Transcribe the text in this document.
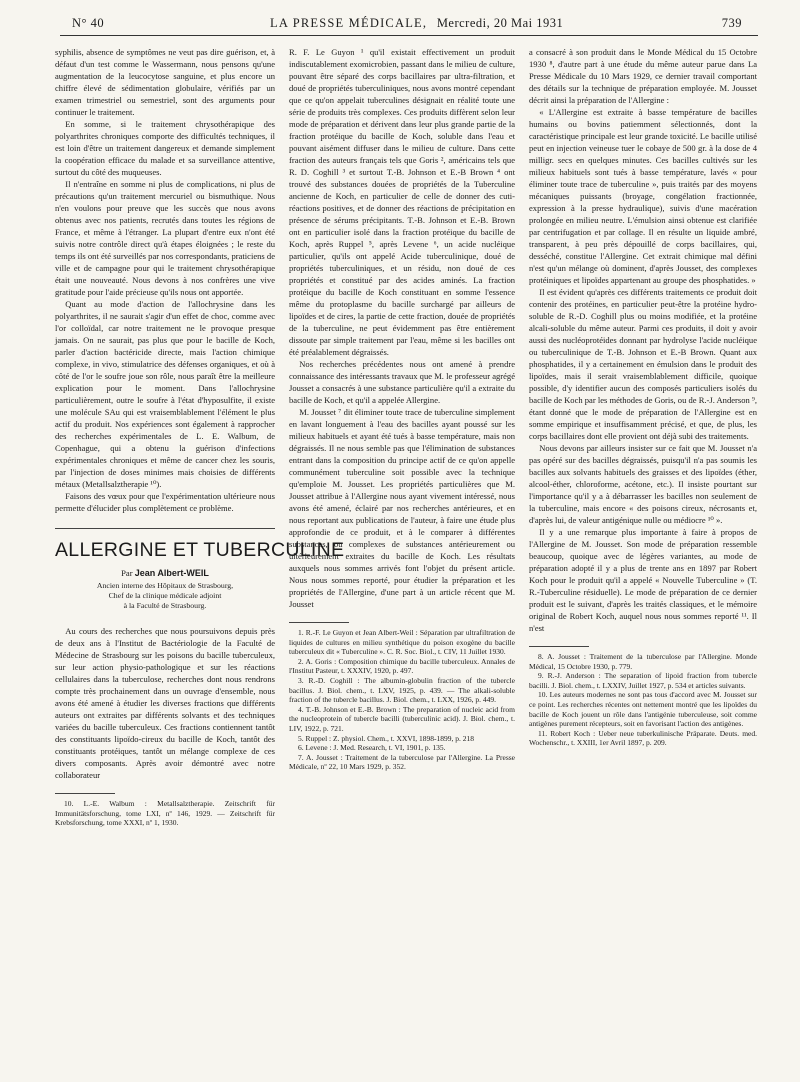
N° 40	LA PRESSE MÉDICALE, Mercredi, 20 Mai 1931	739

syphilis, absence de symptômes ne veut pas dire guérison, et, à défaut d'un test comme le Wassermann, nous pensons qu'une augmentation de la leucocytose sanguine, et plus encore un chiffre élevé de sédimentation globulaire, vérifiés par un examen trimestriel ou semestriel, sont des arguments pour continuer le traitement.

En somme, si le traitement chrysothérapique des polyarthrites chroniques comporte des difficultés techniques, il est loin d'être un traitement dangereux et demande simplement la coopération efficace du malade et sa surveillance attentive, surtout du côté des muqueuses.

Il n'entraîne en somme ni plus de complications, ni plus de précautions qu'un traitement mercuriel ou bismuthique. Nous n'en voulons pour preuve que les succès que nous avons obtenus avec nos patients, recrutés dans toutes les régions de France, et même à l'étranger. La plupart d'entre eux n'ont été suivis notre contrôle direct qu'à étapes éloignées ; le reste du temps ils ont été surveillés par nos correspondants, praticiens de ville et de campagne pour qui le traitement chrysothérapique était une nouveauté. Nous devons à nos confrères une vive gratitude pour l'aide précieuse qu'ils nous ont apportée.

Quant au mode d'action de l'allochrysine dans les polyarthrites, il ne saurait s'agir d'un effet de choc, comme avec l'or colloïdal, car notre traitement ne le provoque presque jamais. On ne saurait, pas plus que pour le bacille de Koch, parler d'action bactéricide directe, mais l'action chimique complexe, in vivo, stimulatrice des défenses organiques, et où à côté de l'or le soufre joue son rôle, nous paraît être la meilleure explication pour le moment. Dans l'allochrysine particulièrement, outre le soufre à l'état d'hyposulfite, il existe une molécule SAu qui est vraisemblablement l'élément le plus actif du produit. Nos expériences sont également à rapprocher des recherches expérimentales de L. E. Walbum, de Copenhague, qui a obtenu la guérison d'infections expérimentales chroniques et même de cancer chez les souris, par l'injection de doses minimes mais choisies de différents métaux (Metallsalztherapie ¹⁰).

Faisons des vœux pour que l'expérimentation ultérieure nous permette d'élucider plus complètement ce problème.

ALLERGINE ET TUBERCULINE
Par Jean Albert-WEIL
Ancien interne des Hôpitaux de Strasbourg,
Chef de la clinique médicale adjoint
à la Faculté de Strasbourg.

Au cours des recherches que nous poursuivons depuis près de deux ans à l'Institut de Bactériologie de la Faculté de Médecine de Strasbourg sur les poisons du bacille tuberculeux, sur leur action physio-pathologique et sur les réactions cellulaires dans la tuberculose, recherches dont nous rendrons compte très prochainement dans un ouvrage d'ensemble, nous avons été amené à étudier les diverses fractions que différents auteurs ont extraites par différents solvants et des techniques variées du bacille tuberculeux. Ces fractions contiennent tantôt des constituants lipoïdo-cireux du bacille de Koch, tantôt des constituants protéiques, tantôt un mélange complexe de ces divers composants. Après avoir démontré avec notre collaborateur

10. L.-E. Walbum : Metallsalztherapie. Zeitschrift für Immunitätsforschung, tome LXI, nº 146, 1929. — Zeitschrift für Krebsforschung, tome XXXI, nº 1, 1930.

R. F. Le Guyon ¹ qu'il existait effectivement un produit indiscutablement exomicrobien, passant dans le milieu de culture, pouvant être séparé des corps bacillaires par ultra-filtration, et doué de propriétés tuberculiniques, nous avons montré cependant que ce qu'on appelait tuberculines désignait en réalité toute une série de produits très complexes. Ces produits diffèrent selon leur mode de préparation et dérivent dans leur plus grande partie de la fraction protéique du bacille de Koch, soluble dans l'eau et pouvant aisément diffuser dans le milieu de culture. Dans cette fraction des auteurs français tels que Goris ², américains tels que R. D. Coghill ³ et surtout T.-B. Johnson et E.-B Brown ⁴ ont trouvé des substances douées de propriétés de la Tuberculine ancienne de Koch, en particulier de celle de donner des cuti-réactions positives, et de donner des réactions de précipitation en présence de sérums précipitants. T.-B. Johnson et E.-B. Brown ont en particulier isolé dans la fraction protéique du bacille de Koch, après Ruppel ⁵, après Levene ⁶, un acide nucléique particulier, qu'ils ont appelé Acide tuberculinique, doué de propriétés tuberculiniques, et un résidu, non doué de ces propriétés et constitué par des acides aminés. La fraction protéique du bacille de Koch constituant en somme l'essence même du protoplasme du bacille surchargé par ailleurs de lipoïdes et de cires, la partie de cette fraction, douée de propriétés de la tuberculine, ne peut évidemment pas être entièrement dissoute par simple traitement par l'eau, même si les bacilles ont été préalablement dégraissés.

Nos recherches précédentes nous ont amené à prendre connaissance des intéressants travaux que M. le professeur agrégé Jousset a consacrés à une substance particulière qu'il a extraite du bacille de Koch, et qu'il a appelée Allergine.

M. Jousset ⁷ dit éliminer toute trace de tuberculine simplement en lavant longuement à l'eau des bacilles ayant poussé sur les milieux habituels et ayant été tués à basse température, mais non dégraissés. Il ne nous semble pas que l'élimination de substances entrant dans la composition du principe actif de ce qu'on appelle communément tuberculine soit possible avec la technique qu'emploie M. Jousset. Les propriétés particulières que M. Jousset attribue à l'Allergine nous ayant vivement intéressé, nous avons été amené, éclairé par nos recherches antérieures, et en nous reportant aux publications de l'auteur, à faire une étude plus approfondie de ce produit, et à le comparer à différentes substances, ou complexes de substances antérieurement ou ultérieurement extraites du bacille de Koch. Les résultats auxquels nous sommes arrivés font l'objet du présent article. Nous nous sommes reporté, pour étudier la préparation et les propriétés de l'Allergine, d'une part à un article récent que M. Jousset

1. R.-F. Le Guyon et Jean Albert-Weil : Séparation par ultrafiltration de liquides de cultures en milieu synthétique du poison exogène du bacille tuberculeux dit « Tuberculine ». C. R. Soc. Biol., t. CIV, 11 Juillet 1930.

2. A. Goris : Composition chimique du bacille tuberculeux. Annales de l'Institut Pasteur, t. XXXIV, 1920, p. 497.

3. R.-D. Coghill : The albumin-globulin fraction of the tubercle bacillus. J. Biol. chem., t. LXV, 1925, p. 439. — The alkali-soluble fraction of the tubercle bacillus. J. Biol. chem., t. LXX, 1926, p. 449.

4. T.-B. Johnson et E.-B. Brown : The preparation of nucleic acid from the nucleoprotein of tubercle bacilli (tuberculinic acid). J. Biol. chem., t. LIV, 1922, p. 721.

5. Ruppel : Z. physiol. Chem., t. XXVI, 1898-1899, p. 218

6. Levene : J. Med. Research, t. VI, 1901, p. 135.

7. A. Jousset : Traitement de la tuberculose par l'Allergine. La Presse Médicale, nº 22, 10 Mars 1929, p. 352.

a consacré à son produit dans le Monde Médical du 15 Octobre 1930 ⁸, d'autre part à une étude du même auteur parue dans La Presse Médicale du 10 Mars 1929, ce dernier travail comportant des détails sur la technique de préparation employée. M. Jousset décrit ainsi la préparation de l'Allergine :

« L'Allergine est extraite à basse température de bacilles humains ou bovins patiemment sélectionnés, dont la caractéristique principale est leur grande toxicité. Le bacille utilisé peut en injection veineuse tuer le cobaye de 500 gr. à la dose de 4 milligr. secs en quelques minutes. Ces bacilles cultivés sur les milieux habituels sont tués à basse température, lavés « pour éliminer toute trace de tuberculine », puis traités par des moyens mécaniques puissants (broyage, congélation fractionnée, expression à la presse hydraulique), suivis d'une macération prolongée en milieu neutre. L'émulsion ainsi obtenue est clarifiée par centrifugation et par collage. Il en résulte un liquide ambré, transparent, à peu près dépouillé de corps bacillaires, qui, desséché, constitue l'Allergine. Cet extrait chimique mal défini n'est qu'un mélange où dominent, d'après Jousset, des complexes protéiniques et lipoïdes appartenant au groupe des phosphatides. »

Il est évident qu'après ces différents traitements ce produit doit contenir des protéines, en particulier peut-être la protéine hydro-soluble de R.-D. Coghill plus ou moins modifiée, et la protéine alcali-soluble du même auteur. Parmi ces produits, il doit y avoir aussi des nucléoprotéides donnant par hydrolyse l'acide nucléique ou tuberculinique de T.-B. Johnson et E.-B Brown. Quant aux phosphatides, il y a certainement en émulsion dans le produit des lipoïdes, mais il serait vraisemblablement difficile, quoique possible, d'y identifier aucun des composés particuliers isolés du bacille de Koch par les méthodes de Goris, ou de R.-J. Anderson ⁹, étant donné que le mode de préparation de l'Allergine est en somme empirique et insuffisamment précisé, et que, de plus, les corps bacillaires dont elle provient ont déjà subi des traitements.

Nous devons par ailleurs insister sur ce fait que M. Jousset n'a pas opéré sur des bacilles dégraissés, puisqu'il n'a pas soumis les bacilles aux solvants habituels des graisses et des lipoïdes (éther, alcool-éther, chloroforme, acétone, etc.). Il insiste pourtant sur l'importance qu'il y a à débarrasser les bacilles non seulement de la tuberculine, mais encore « des poisons cireux, nécrosants et, d'après lui, de valeur antigénique nulle ou médiocre ¹⁰ ».

Il y a une remarque plus importante à faire à propos de l'Allergine de M. Jousset. Son mode de préparation ressemble beaucoup, quoique avec de légères variantes, au mode de préparation adopté il y a plus de trente ans en 1897 par Robert Koch pour le produit qu'il a appelé « Nouvelle Tuberculine » (T. R.-Tuberculine résiduelle). Le mode de préparation de ce dernier produit est le suivant, d'après les traités classiques, et le mémoire original de Robert Koch, auquel nous nous sommes reporté ¹¹. Il n'est

8. A. Jousset : Traitement de la tuberculose par l'Allergine. Monde Médical, 15 Octobre 1930, p. 779.

9. R.-J. Anderson : The separation of lipoid fraction from tubercle bacilli. J. Biol. chem., t. LXXIV, Juillet 1927, p. 534 et articles suivants.

10. Les auteurs modernes ne sont pas tous d'accord avec M. Jousset sur ce point. Les recherches récentes ont nettement montré que les lipoïdes du bacille de Koch jouent un rôle dans l'antigénie tuberculeuse, soit comme antigènes purement récepteurs, soit en favorisant l'action des antigènes.

11. Robert Koch : Ueber neue tuberkulinische Präparate. Deuts. med. Wochenschr., t. XXIII, 1er Avril 1897, p. 209.
